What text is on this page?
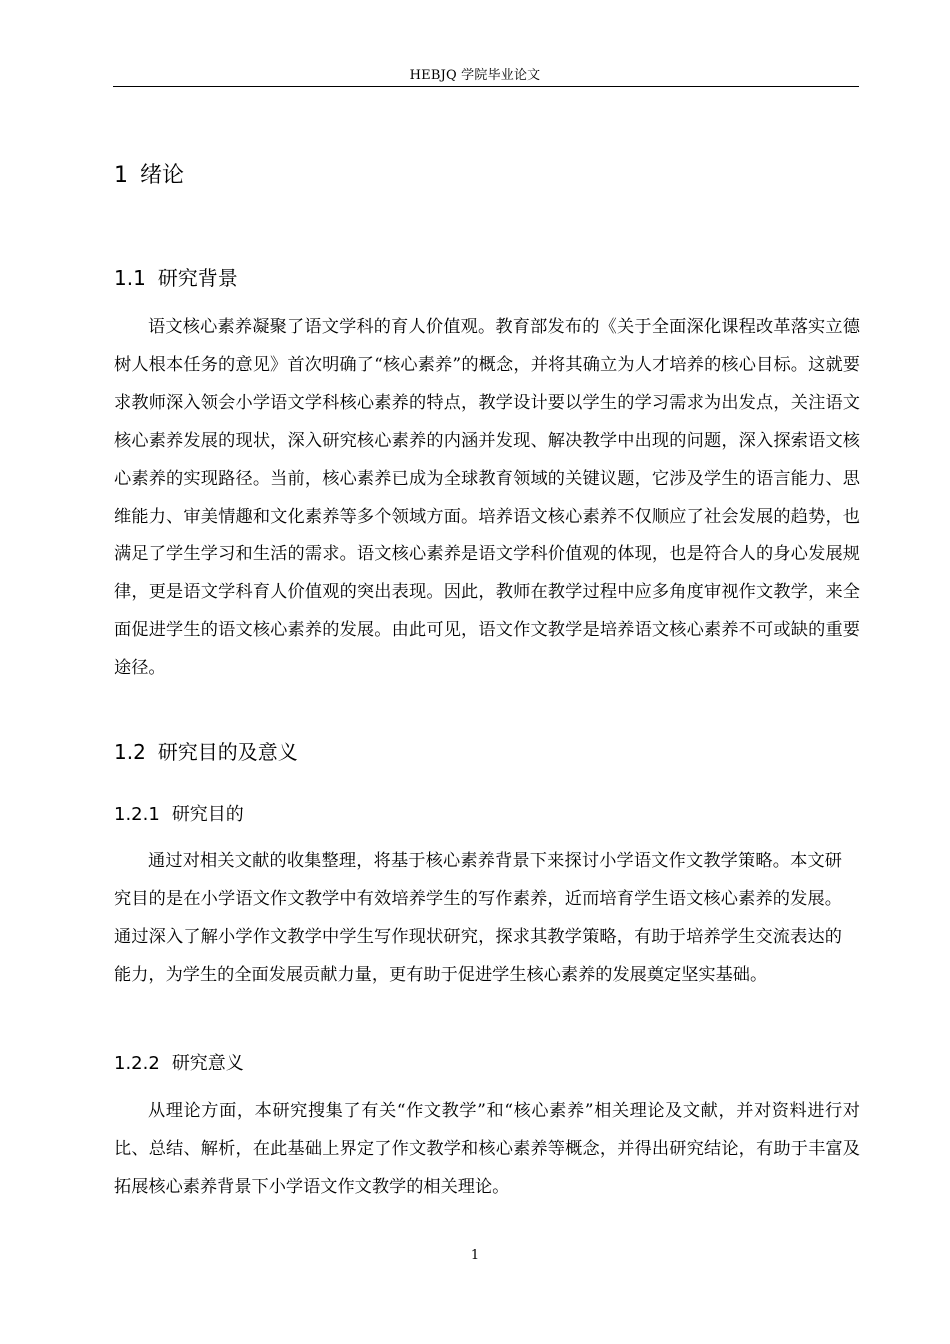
HEBJQ 学院毕业论文
1 绪论
1.1 研究背景

语文核心素养凝聚了语文学科的育人价值观。教育部发布的《关于全面深化课程改革落实立德树人根本任务的意见》首次明确了“核心素养”的概念，并将其确立为人才培养的核心目标。这就要求教师深入领会小学语文学科核心素养的特点，教学设计要以学生的学习需求为出发点，关注语文核心素养发展的现状，深入研究核心素养的内涵并发现、解决教学中出现的问题，深入探索语文核心素养的实现路径。当前，核心素养已成为全球教育领域的关键议题，它涉及学生的语言能力、思维能力、审美情趣和文化素养等多个领域方面。培养语文核心素养不仅顺应了社会发展的趋势，也满足了学生学习和生活的需求。语文核心素养是语文学科价值观的体现，也是符合人的身心发展规律，更是语文学科育人价值观的突出表现。因此，教师在教学过程中应多角度审视作文教学，来全面促进学生的语文核心素养的发展。由此可见，语文作文教学是培养语文核心素养不可或缺的重要途径。

1.2 研究目的及意义
1.2.1 研究目的

通过对相关文献的收集整理，将基于核心素养背景下来探讨小学语文作文教学策略。本文研究目的是在小学语文作文教学中有效培养学生的写作素养，近而培育学生语文核心素养的发展。通过深入了解小学作文教学中学生写作现状研究，探求其教学策略，有助于培养学生交流表达的能力，为学生的全面发展贡献力量，更有助于促进学生核心素养的发展奠定坚实基础。

1.2.2 研究意义

从理论方面，本研究搜集了有关“作文教学”和“核心素养”相关理论及文献，并对资料进行对比、总结、解析，在此基础上界定了作文教学和核心素养等概念，并得出研究结论，有助于丰富及拓展核心素养背景下小学语文作文教学的相关理论。

1
